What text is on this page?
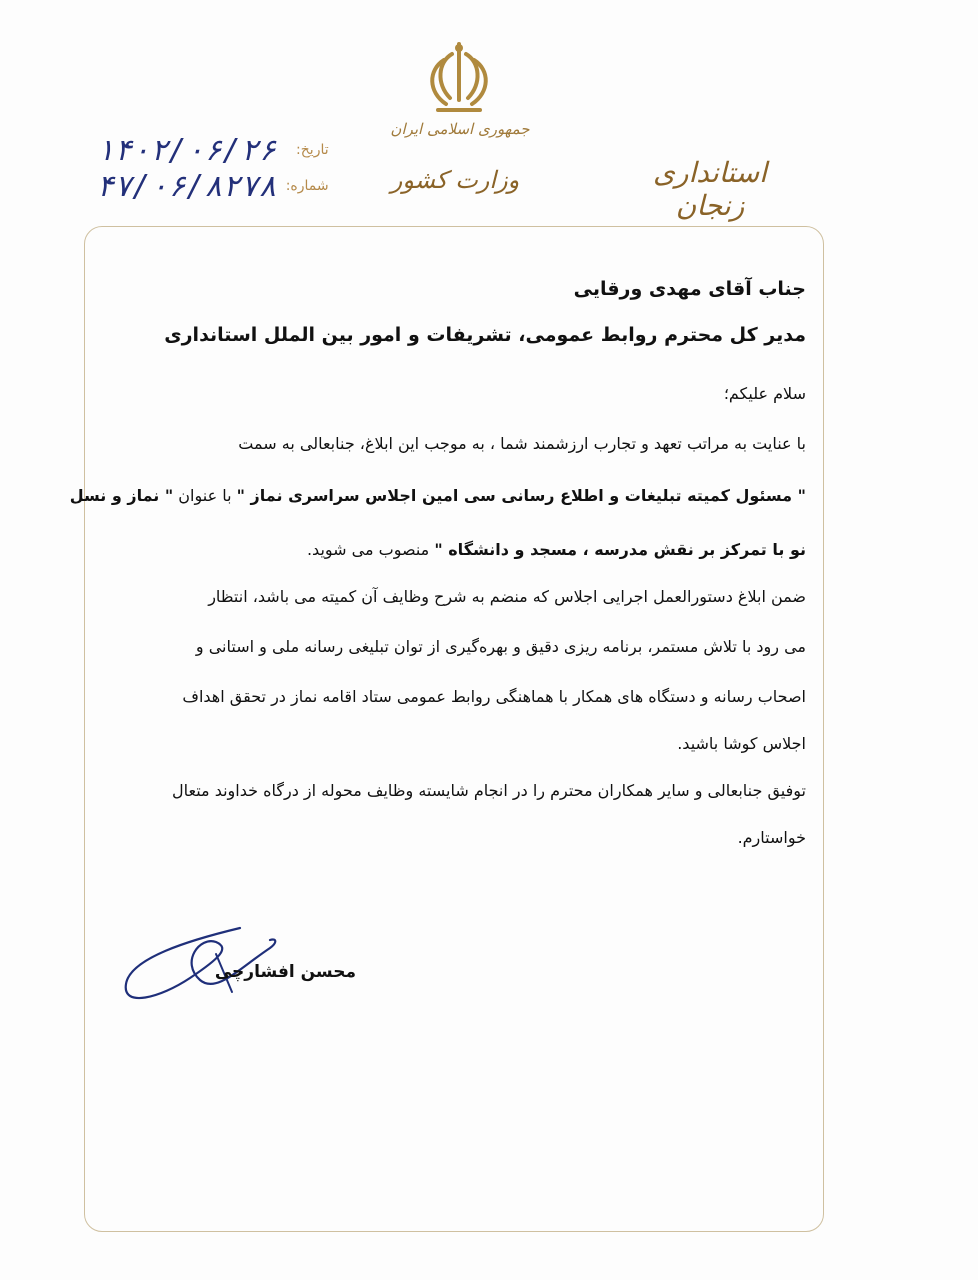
جمهوری اسلامی ایران
وزارت کشور	استانداری زنجان
تاریخ:
۱۴۰۲/۰۶/۲۶
شماره:
۴۷/۰۶/۸۲۷۸
جناب آقای مهدی ورقایی
مدیر کل محترم روابط عمومی، تشریفات و امور بین الملل استانداری
سلام علیکم؛
با عنایت به مراتب تعهد و تجارب ارزشمند شما ، به موجب این ابلاغ، جنابعالی به سمت
" مسئول کمیته تبلیغات و اطلاع رسانی سی امین اجلاس سراسری نماز " با عنوان " نماز و نسل
نو با تمرکز بر نقش مدرسه ، مسجد و دانشگاه " منصوب می شوید.
ضمن ابلاغ دستورالعمل اجرایی اجلاس که منضم به شرح وظایف آن کمیته می باشد، انتظار
می رود با تلاش مستمر، برنامه ریزی دقیق و بهره‌گیری از توان تبلیغی رسانه ملی و استانی و
اصحاب رسانه و دستگاه های همکار با هماهنگی روابط عمومی ستاد اقامه نماز در تحقق اهداف
اجلاس کوشا باشید.
توفیق جنابعالی و سایر همکاران محترم را در انجام شایسته وظایف محوله از درگاه خداوند متعال
خواستارم.
محسن افشارچی
